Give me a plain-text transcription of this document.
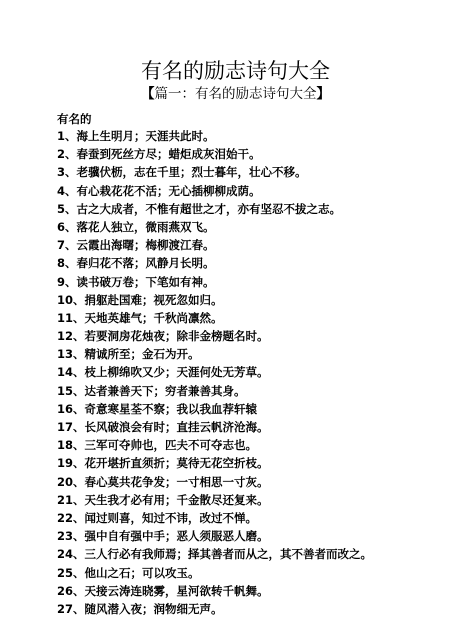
有名的励志诗句大全
【篇一：有名的励志诗句大全】
有名的
1、海上生明月；天涯共此时。
2、春蚕到死丝方尽；蜡炬成灰泪始干。
3、老骥伏枥，志在千里；烈士暮年，壮心不移。
4、有心栽花花不活；无心插柳柳成荫。
5、古之大成者，不惟有超世之才，亦有坚忍不拔之志。
6、落花人独立，微雨燕双飞。
7、云霞出海曙；梅柳渡江春。
8、春归花不落；风静月长明。
9、读书破万卷；下笔如有神。
10、捐躯赴国难；视死忽如归。
11、天地英雄气；千秋尚凛然。
12、若要洞房花烛夜；除非金榜题名时。
13、精诚所至；金石为开。
14、枝上柳绵吹又少；天涯何处无芳草。
15、达者兼善天下；穷者兼善其身。
16、奇意寒星荃不察；我以我血荐轩辕
17、长风破浪会有时；直挂云帆济沧海。
18、三军可夺帅也，匹夫不可夺志也。
19、花开堪折直须折；莫待无花空折枝。
20、春心莫共花争发；一寸相思一寸灰。
21、天生我才必有用；千金散尽还复来。
22、闻过则喜，知过不讳，改过不惮。
23、强中自有强中手；恶人须服恶人磨。
24、三人行必有我师焉；择其善者而从之，其不善者而改之。
25、他山之石；可以攻玉。
26、天接云涛连晓雾，星河欲转千帆舞。
27、随风潜入夜；润物细无声。
